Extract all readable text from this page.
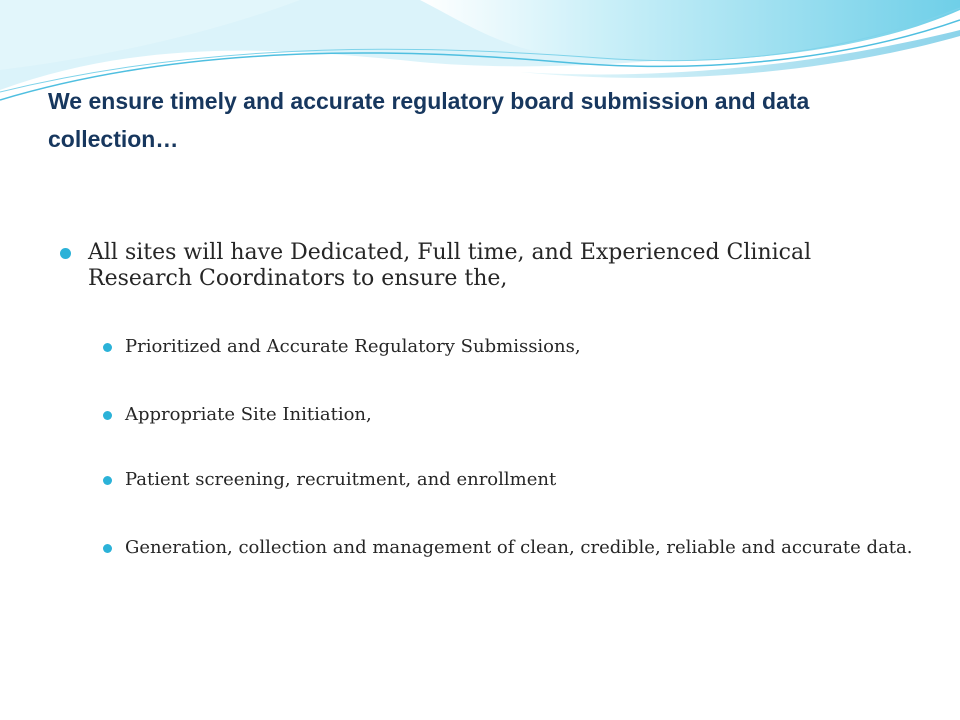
We ensure timely and accurate regulatory board submission and data collection…
All sites will have Dedicated, Full time, and Experienced Clinical Research Coordinators to ensure the,
Prioritized and Accurate Regulatory Submissions,
Appropriate Site Initiation,
Patient screening, recruitment, and enrollment
Generation, collection and management of clean, credible, reliable and accurate data.
